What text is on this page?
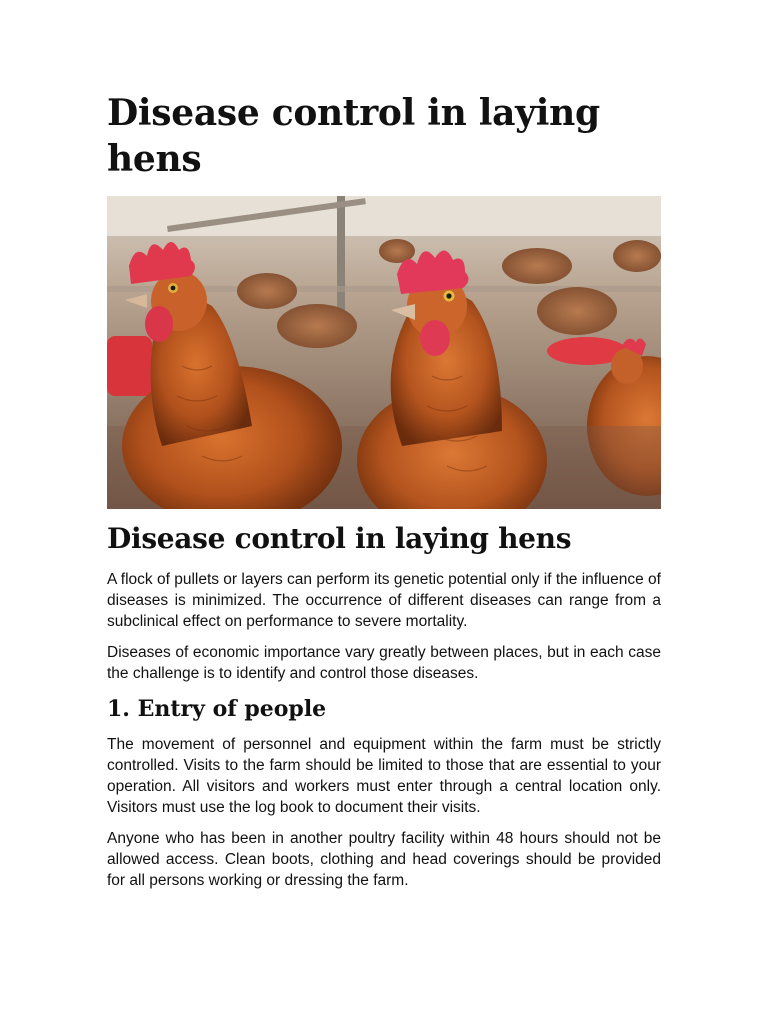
Disease control in laying hens
Disease control in laying hens

A flock of pullets or layers can perform its genetic potential only if the influence of diseases is minimized. The occurrence of different diseases can range from a subclinical effect on performance to severe mortality.

Diseases of economic importance vary greatly between places, but in each case the challenge is to identify and control those diseases.

1. Entry of people

The movement of personnel and equipment within the farm must be strictly controlled. Visits to the farm should be limited to those that are essential to your operation. All visitors and workers must enter through a central location only. Visitors must use the log book to document their visits.

Anyone who has been in another poultry facility within 48 hours should not be allowed access. Clean boots, clothing and head coverings should be provided for all persons working or dressing the farm.
